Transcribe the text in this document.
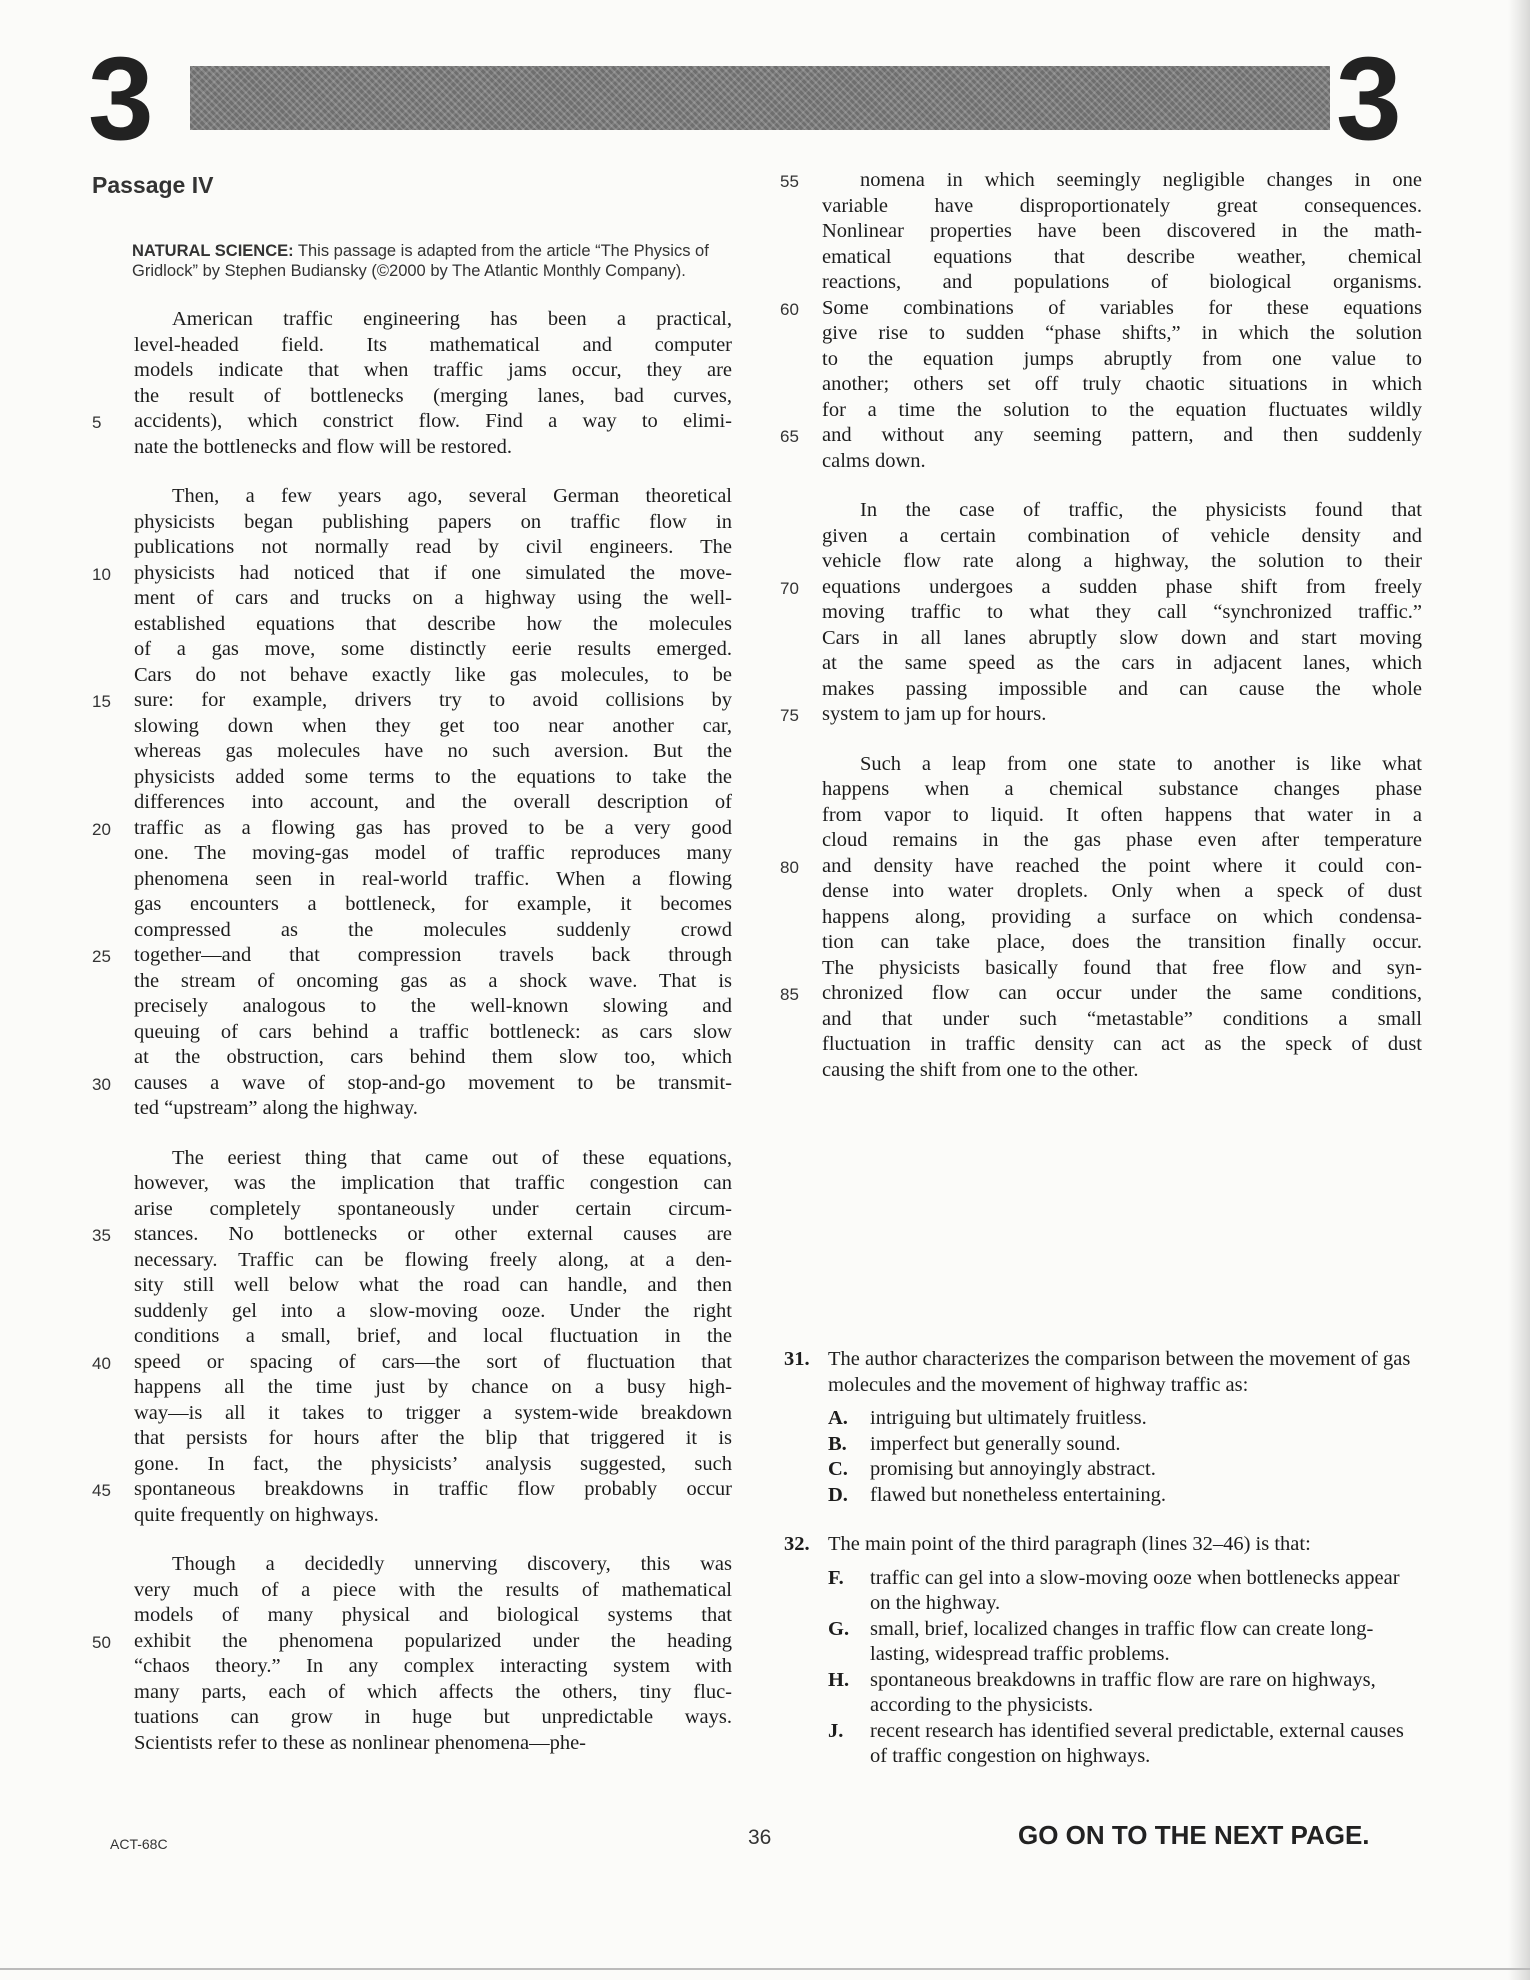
3	3
Passage IV
NATURAL SCIENCE: This passage is adapted from the article “The Physics of Gridlock” by Stephen Budiansky (©2000 by The Atlantic Monthly Company).
American traffic engineering has been a practical,
level-headed field. Its mathematical and computer
models indicate that when traffic jams occur, they are
the result of bottlenecks (merging lanes, bad curves,
5 accidents), which constrict flow. Find a way to elimi-
nate the bottlenecks and flow will be restored.
Then, a few years ago, several German theoretical
physicists began publishing papers on traffic flow in
publications not normally read by civil engineers. The
10 physicists had noticed that if one simulated the move-
ment of cars and trucks on a highway using the well-
established equations that describe how the molecules
of a gas move, some distinctly eerie results emerged.
Cars do not behave exactly like gas molecules, to be
15 sure: for example, drivers try to avoid collisions by
slowing down when they get too near another car,
whereas gas molecules have no such aversion. But the
physicists added some terms to the equations to take the
differences into account, and the overall description of
20 traffic as a flowing gas has proved to be a very good
one. The moving-gas model of traffic reproduces many
phenomena seen in real-world traffic. When a flowing
gas encounters a bottleneck, for example, it becomes
compressed as the molecules suddenly crowd
25 together—and that compression travels back through
the stream of oncoming gas as a shock wave. That is
precisely analogous to the well-known slowing and
queuing of cars behind a traffic bottleneck: as cars slow
at the obstruction, cars behind them slow too, which
30 causes a wave of stop-and-go movement to be transmit-
ted “upstream” along the highway.
The eeriest thing that came out of these equations,
however, was the implication that traffic congestion can
arise completely spontaneously under certain circum-
35 stances. No bottlenecks or other external causes are
necessary. Traffic can be flowing freely along, at a den-
sity still well below what the road can handle, and then
suddenly gel into a slow-moving ooze. Under the right
conditions a small, brief, and local fluctuation in the
40 speed or spacing of cars—the sort of fluctuation that
happens all the time just by chance on a busy high-
way—is all it takes to trigger a system-wide breakdown
that persists for hours after the blip that triggered it is
gone. In fact, the physicists’ analysis suggested, such
45 spontaneous breakdowns in traffic flow probably occur
quite frequently on highways.
Though a decidedly unnerving discovery, this was
very much of a piece with the results of mathematical
models of many physical and biological systems that
50 exhibit the phenomena popularized under the heading
“chaos theory.” In any complex interacting system with
many parts, each of which affects the others, tiny fluc-
tuations can grow in huge but unpredictable ways.
Scientists refer to these as nonlinear phenomena—phe-
55	nomena in which seemingly negligible changes in one
variable have disproportionately great consequences.
Nonlinear properties have been discovered in the math-
ematical equations that describe weather, chemical
reactions, and populations of biological organisms.
60 Some combinations of variables for these equations
give rise to sudden “phase shifts,” in which the solution
to the equation jumps abruptly from one value to
another; others set off truly chaotic situations in which
for a time the solution to the equation fluctuates wildly
65 and without any seeming pattern, and then suddenly
calms down.
In the case of traffic, the physicists found that
given a certain combination of vehicle density and
vehicle flow rate along a highway, the solution to their
70 equations undergoes a sudden phase shift from freely
moving traffic to what they call “synchronized traffic.”
Cars in all lanes abruptly slow down and start moving
at the same speed as the cars in adjacent lanes, which
makes passing impossible and can cause the whole
75 system to jam up for hours.
Such a leap from one state to another is like what
happens when a chemical substance changes phase
from vapor to liquid. It often happens that water in a
cloud remains in the gas phase even after temperature
80 and density have reached the point where it could con-
dense into water droplets. Only when a speck of dust
happens along, providing a surface on which condensa-
tion can take place, does the transition finally occur.
The physicists basically found that free flow and syn-
85 chronized flow can occur under the same conditions,
and that under such “metastable” conditions a small
fluctuation in traffic density can act as the speck of dust
causing the shift from one to the other.
31. The author characterizes the comparison between the movement of gas molecules and the movement of highway traffic as:
A. intriguing but ultimately fruitless.
B. imperfect but generally sound.
C. promising but annoyingly abstract.
D. flawed but nonetheless entertaining.
32. The main point of the third paragraph (lines 32–46) is that:
F. traffic can gel into a slow-moving ooze when bottlenecks appear on the highway.
G. small, brief, localized changes in traffic flow can create long-lasting, widespread traffic problems.
H. spontaneous breakdowns in traffic flow are rare on highways, according to the physicists.
J. recent research has identified several predictable, external causes of traffic congestion on highways.
ACT-68C	36	GO ON TO THE NEXT PAGE.
